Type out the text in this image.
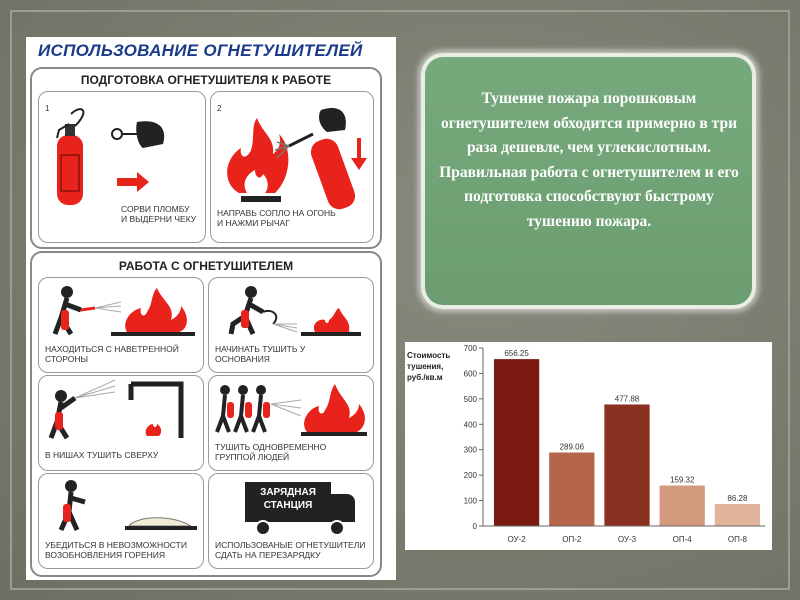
ИСПОЛЬЗОВАНИЕ ОГНЕТУШИТЕЛЕЙ
ПОДГОТОВКА ОГНЕТУШИТЕЛЯ К РАБОТЕ
1
СОРВИ ПЛОМБУ
И ВЫДЕРНИ ЧЕКУ
2
НАПРАВЬ СОПЛО НА ОГОНЬ
И НАЖМИ РЫЧАГ
РАБОТА С ОГНЕТУШИТЕЛЕМ
НАХОДИТЬСЯ С НАВЕТРЕННОЙ
СТОРОНЫ
НАЧИНАТЬ ТУШИТЬ У
ОСНОВАНИЯ
В НИШАХ ТУШИТЬ СВЕРХУ
ТУШИТЬ ОДНОВРЕМЕННО
ГРУППОЙ ЛЮДЕЙ
УБЕДИТЬСЯ В НЕВОЗМОЖНОСТИ
ВОЗОБНОВЛЕНИЯ ГОРЕНИЯ
ЗАРЯДНАЯ
СТАНЦИЯ
ИСПОЛЬЗОВАНЫЕ ОГНЕТУШИТЕЛИ
СДАТЬ НА ПЕРЕЗАРЯДКУ
Тушение пожара порошковым огнетушителем обходится примерно в три раза дешевле, чем углекислотным. Правильная работа с огнетушителем и его подготовка способствуют быстрому тушению пожара.
Стоимость
тушения,
руб./кв.м
0
100
200
300
400
500
600
700
656.25
ОУ-2
289.06
ОП-2
477.88
ОУ-3
159.32
ОП-4
86.28
ОП-8
